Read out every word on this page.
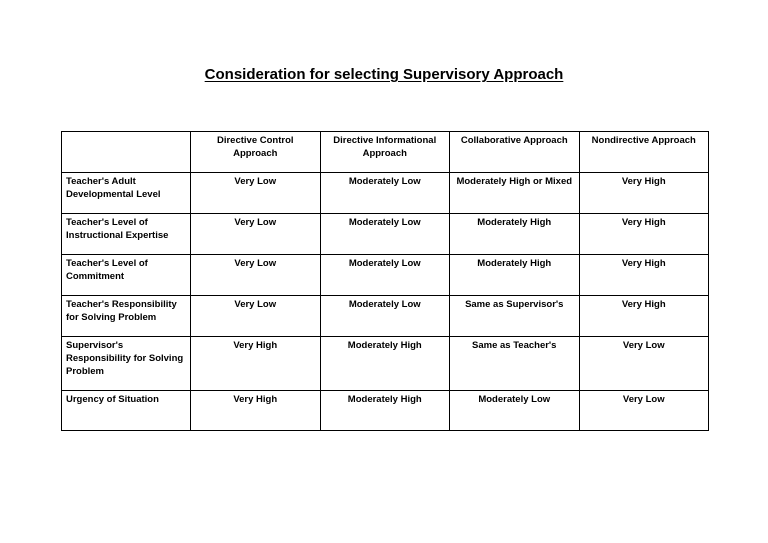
Consideration for selecting Supervisory Approach
	Directive Control Approach	Directive Informational Approach	Collaborative Approach	Nondirective Approach
Teacher's Adult Developmental Level	Very Low	Moderately Low	Moderately High or Mixed	Very High
Teacher's Level of Instructional Expertise	Very Low	Moderately Low	Moderately High	Very High
Teacher's Level of Commitment	Very Low	Moderately Low	Moderately High	Very High
Teacher's Responsibility for Solving Problem	Very Low	Moderately Low	Same as Supervisor's	Very High
Supervisor's Responsibility for Solving Problem	Very High	Moderately High	Same as Teacher's	Very Low
Urgency of Situation	Very High	Moderately High	Moderately Low	Very Low
